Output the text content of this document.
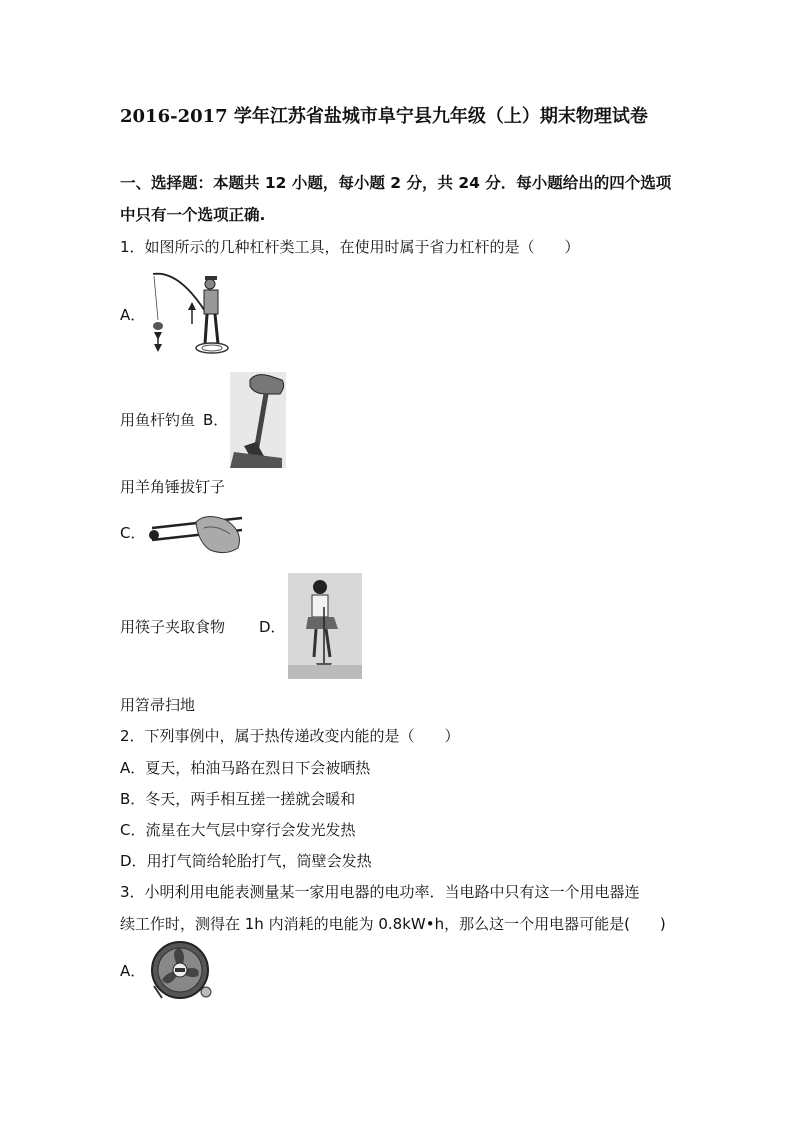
2016-2017 学年江苏省盐城市阜宁县九年级（上）期末物理试卷
一、选择题：本题共 12 小题，每小题 2 分，共 24 分．每小题给出的四个选项
中只有一个选项正确.
1．如图所示的几种杠杆类工具，在使用时属于省力杠杆的是（　　）
A．
用鱼杆钓鱼 B．
用羊角锤拔钉子
C．
用筷子夹取食物 D．
用笤帚扫地
2．下列事例中，属于热传递改变内能的是（　　）
A．夏天，柏油马路在烈日下会被晒热
B．冬天，两手相互搓一搓就会暖和
C．流星在大气层中穿行会发光发热
D．用打气筒给轮胎打气，筒壁会发热
3．小明利用电能表测量某一家用电器的电功率．当电路中只有这一个用电器连
续工作时，测得在 1h 内消耗的电能为 0.8kW•h，那么这一个用电器可能是(　　)
A．
